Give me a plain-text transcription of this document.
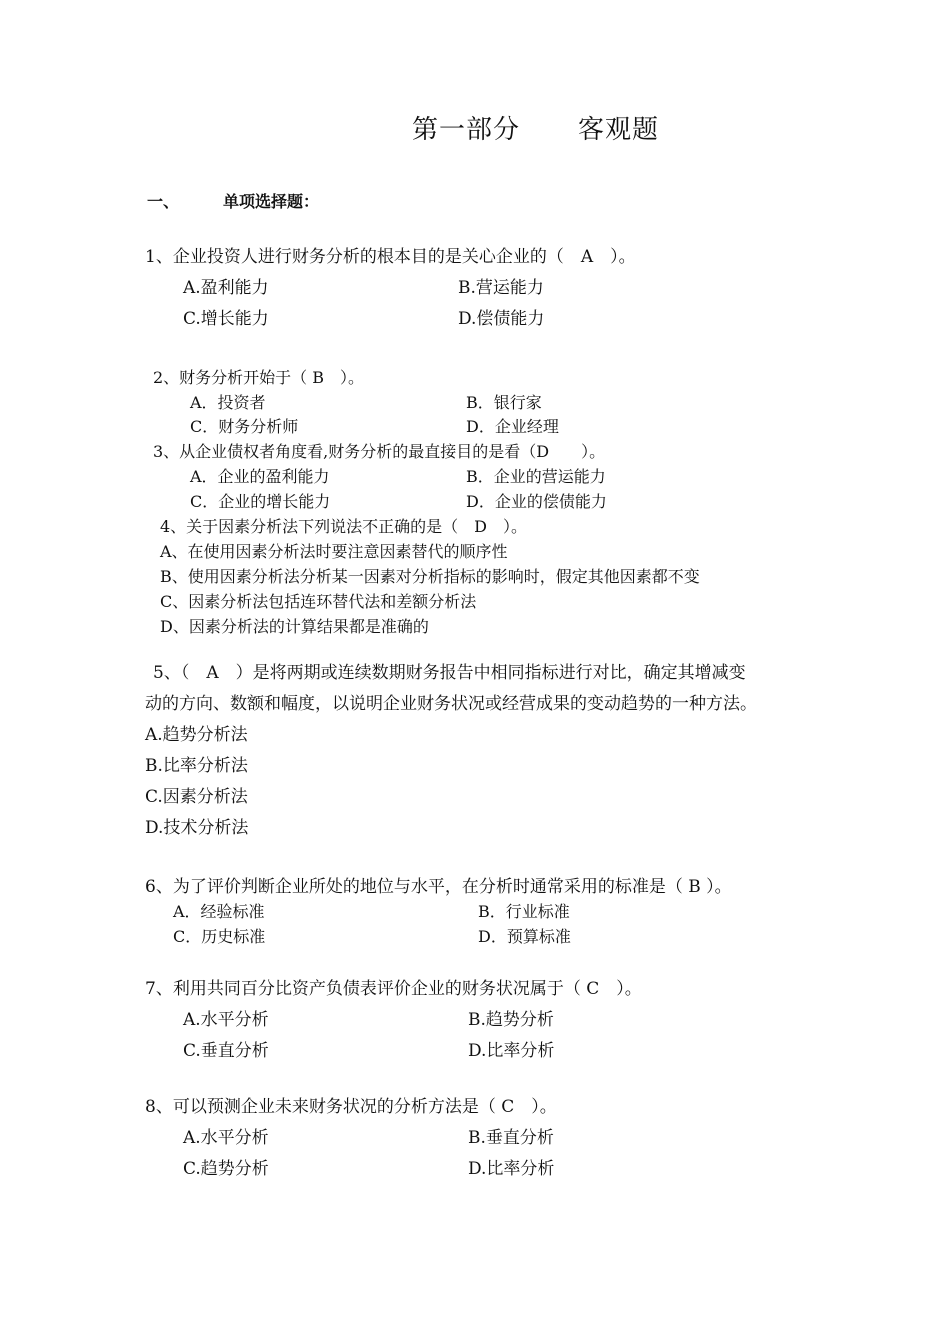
第一部分 客观题
一、	单项选择题：
1、企业投资人进行财务分析的根本目的是关心企业的（　A　）。
A.盈利能力	B.营运能力
C.增长能力	D.偿债能力
2、财务分析开始于（ B　）。
A．投资者	B．银行家
C．财务分析师	D．企业经理
3、从企业债权者角度看,财务分析的最直接目的是看（D　　）。
A．企业的盈利能力	B．企业的营运能力
C．企业的增长能力	D．企业的偿债能力
4、关于因素分析法下列说法不正确的是（　D　）。
A、在使用因素分析法时要注意因素替代的顺序性
B、使用因素分析法分析某一因素对分析指标的影响时，假定其他因素都不变
C、因素分析法包括连环替代法和差额分析法
D、因素分析法的计算结果都是准确的
5、（　A　）是将两期或连续数期财务报告中相同指标进行对比，确定其增减变
动的方向、数额和幅度，以说明企业财务状况或经营成果的变动趋势的一种方法。
A.趋势分析法
B.比率分析法
C.因素分析法
D.技术分析法
6、为了评价判断企业所处的地位与水平，在分析时通常采用的标准是（ B ）。
A．经验标准	B．行业标准
C．历史标准	D．预算标准
7、利用共同百分比资产负债表评价企业的财务状况属于（ C　）。
A.水平分析	B.趋势分析
C.垂直分析	D.比率分析
8、可以预测企业未来财务状况的分析方法是（ C　）。
A.水平分析	B.垂直分析
C.趋势分析	D.比率分析
